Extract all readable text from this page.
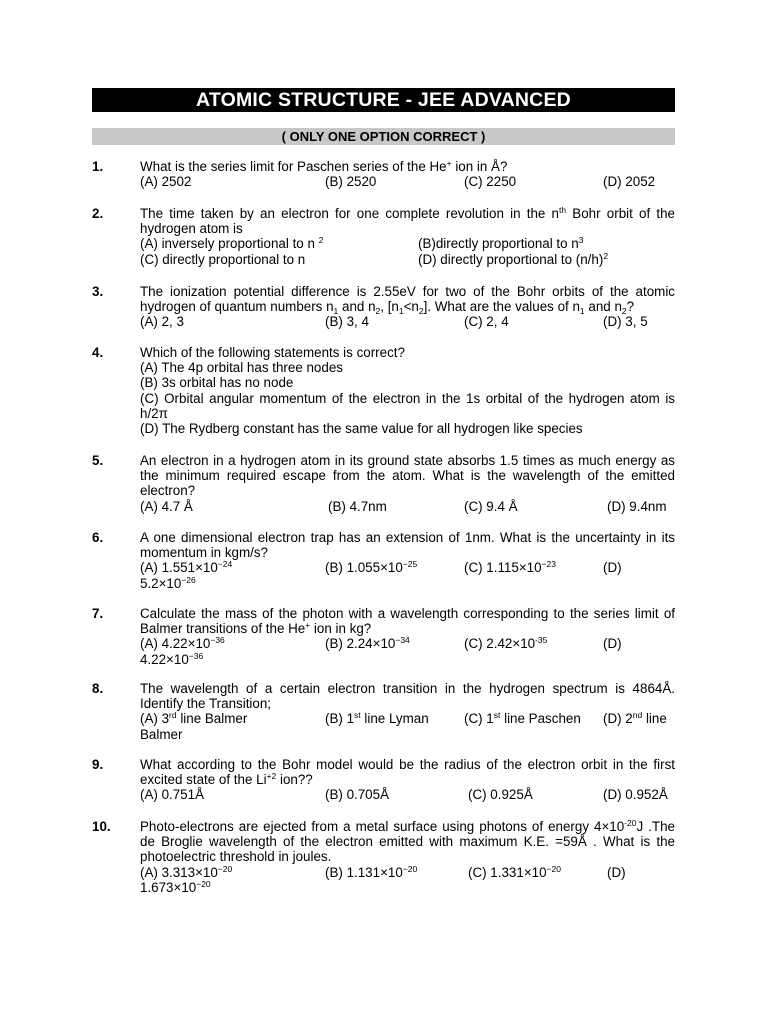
ATOMIC STRUCTURE - JEE ADVANCED
( ONLY ONE OPTION CORRECT )
1.	What is the series limit for Paschen series of the He+ ion in Å?
(A) 2502	(B) 2520	(C) 2250	(D) 2052
2.	The time taken by an electron for one complete revolution in the $n^{th}$ Bohr orbit of the hydrogen atom is
(A) inversely proportional to n $^2$	(B)directly proportional to $n^3$
(C) directly proportional to n	(D) directly proportional to $(n/h)^2$
3.	The ionization potential difference is 2.55eV for two of the Bohr orbits of the atomic hydrogen of quantum numbers $n_1$ and $n_2$, $[n_1<n_2]$. What are the values of $n_1$ and $n_2$?
(A) 2, 3	(B) 3, 4	(C) 2, 4	(D) 3, 5
4.	Which of the following statements is correct?
(A) The 4p orbital has three nodes
(B) 3s orbital has no node
(C) Orbital angular momentum of the electron in the 1s orbital of the hydrogen atom is h/2π
(D) The Rydberg constant has the same value for all hydrogen like species
5.	An electron in a hydrogen atom in its ground state absorbs 1.5 times as much energy as the minimum required escape from the atom. What is the wavelength of the emitted electron?
(A) 4.7 Å	(B) 4.7nm	(C) 9.4 Å	(D) 9.4nm
6.	A one dimensional electron trap has an extension of 1nm. What is the uncertainty in its momentum in kgm/s?
(A) $1.551\times 10^{-24}$	(B) $1.055\times 10^{-25}$	(C) $1.115\times 10^{-23}$	(D)
$5.2\times 10^{-26}$
7.	Calculate the mass of the photon with a wavelength corresponding to the series limit of Balmer transitions of the He+ ion in kg?
(A) $4.22\times 10^{-36}$	(B) $2.24\times 10^{-34}$	(C) $2.42\times 10^{-35}$	(D)
$4.22\times 10^{-36}$
8.	The wavelength of a certain electron transition in the hydrogen spectrum is 4864Å. Identify the Transition;
(A) 3rd line Balmer	(B) 1st line Lyman	(C) 1st line Paschen (D) 2nd line
Balmer
9.	What according to the Bohr model would be the radius of the electron orbit in the first excited state of the $Li^{+2}$ ion??
(A) 0.751Å	(B) 0.705Å	(C) 0.925Å	(D) 0.952Å
10. Photo-electrons are ejected from a metal surface using photons of energy $4\times 10^{-20}J$ .The de Broglie wavelength of the electron emitted with maximum K.E. =59Å . What is the photoelectric threshold in joules.
(A) $3.313\times 10^{-20}$	(B) $1.131\times 10^{-20}$	(C) $1.331\times 10^{-20}$	(D)
$1.673\times 10^{-20}$
